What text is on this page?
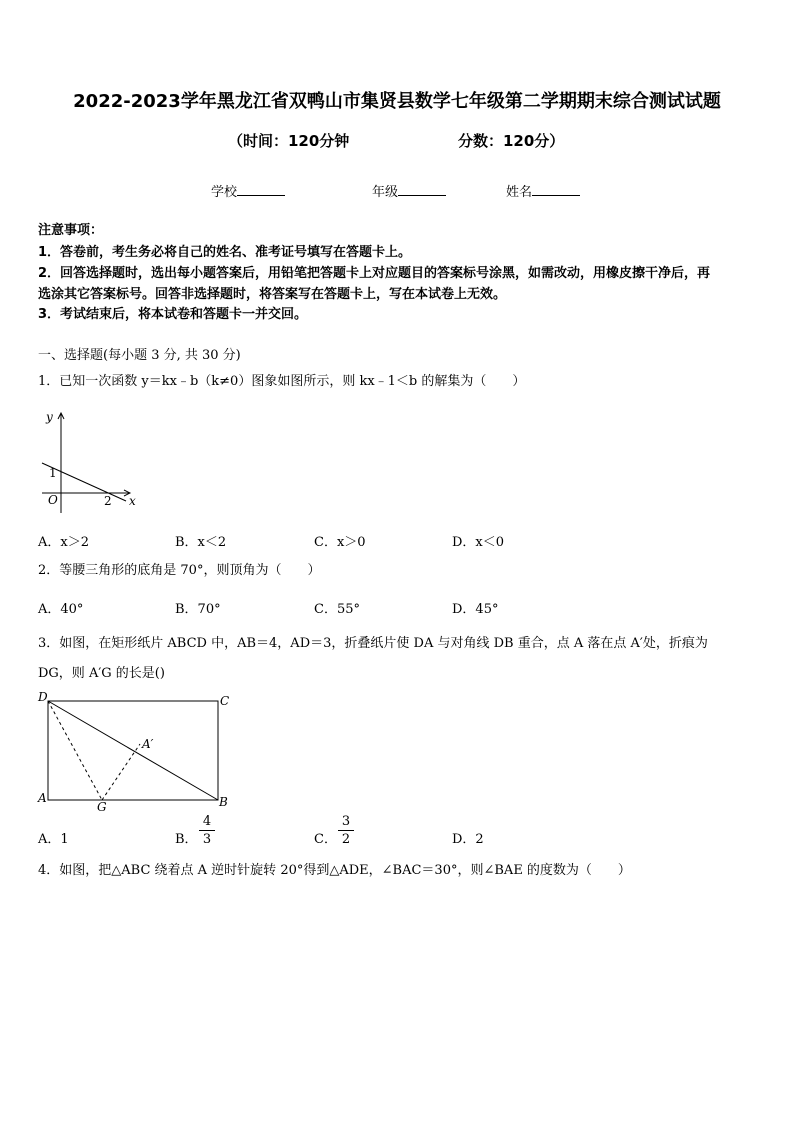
2022-2023学年黑龙江省双鸭山市集贤县数学七年级第二学期期末综合测试试题
（时间：120分钟	分数：120分）
学校	年级	姓名
注意事项：
1．答卷前，考生务必将自己的姓名、准考证号填写在答题卡上。
2．回答选择题时，选出每小题答案后，用铅笔把答题卡上对应题目的答案标号涂黑，如需改动，用橡皮擦干净后，再
选涂其它答案标号。回答非选择题时，将答案写在答题卡上，写在本试卷上无效。
3．考试结束后，将本试卷和答题卡一并交回。
一、选择题(每小题 3 分, 共 30 分)
1．已知一次函数 y＝kx﹣b（k≠0）图象如图所示，则 kx﹣1＜b 的解集为（　　）
y
x
O
1
2
A．x＞2	B．x＜2	C．x＞0	D．x＜0
2．等腰三角形的底角是 70°，则顶角为（　　）
A．40°	B．70°	C．55°	D．45°
3．如图，在矩形纸片 ABCD 中，AB＝4，AD＝3，折叠纸片使 DA 与对角线 DB 重合，点 A 落在点 A′处，折痕为
DG，则 A′G 的长是()
D	C
A	B
G
A′
A．1	B．
4
3	C．
3
2	D．2
4．如图，把△ABC 绕着点 A 逆时针旋转 20°得到△ADE，∠BAC＝30°，则∠BAE 的度数为（　　）
